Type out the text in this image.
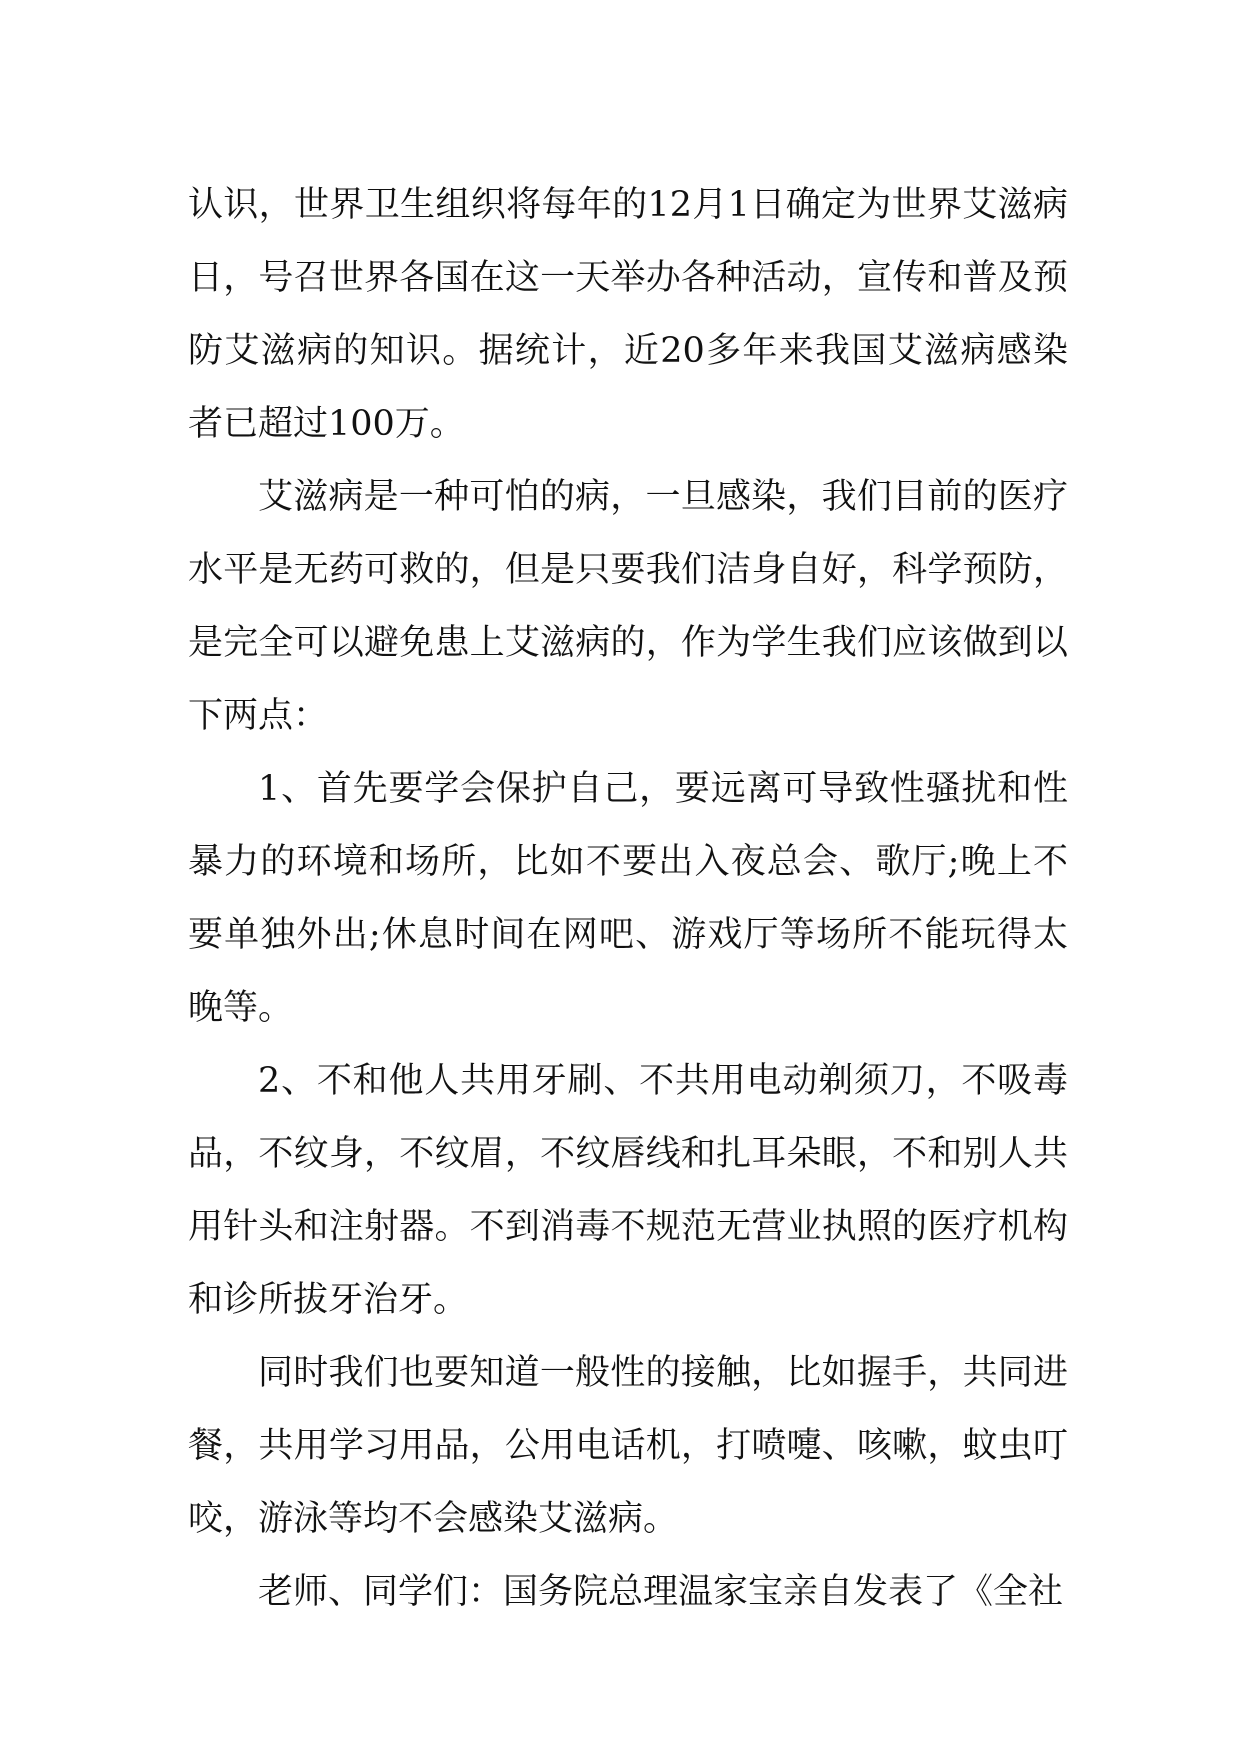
认识，世界卫生组织将每年的12月1日确定为世界艾滋病日，号召世界各国在这一天举办各种活动，宣传和普及预防艾滋病的知识。据统计，近20多年来我国艾滋病感染者已超过100万。

艾滋病是一种可怕的病，一旦感染，我们目前的医疗水平是无药可救的，但是只要我们洁身自好，科学预防，是完全可以避免患上艾滋病的，作为学生我们应该做到以下两点：

1、首先要学会保护自己，要远离可导致性骚扰和性暴力的环境和场所，比如不要出入夜总会、歌厅;晚上不要单独外出;休息时间在网吧、游戏厅等场所不能玩得太晚等。

2、不和他人共用牙刷、不共用电动剃须刀，不吸毒品，不纹身，不纹眉，不纹唇线和扎耳朵眼，不和别人共用针头和注射器。不到消毒不规范无营业执照的医疗机构和诊所拔牙治牙。

同时我们也要知道一般性的接触，比如握手，共同进餐，共用学习用品，公用电话机，打喷嚏、咳嗽，蚊虫叮咬，游泳等均不会感染艾滋病。

老师、同学们：国务院总理温家宝亲自发表了《全社
